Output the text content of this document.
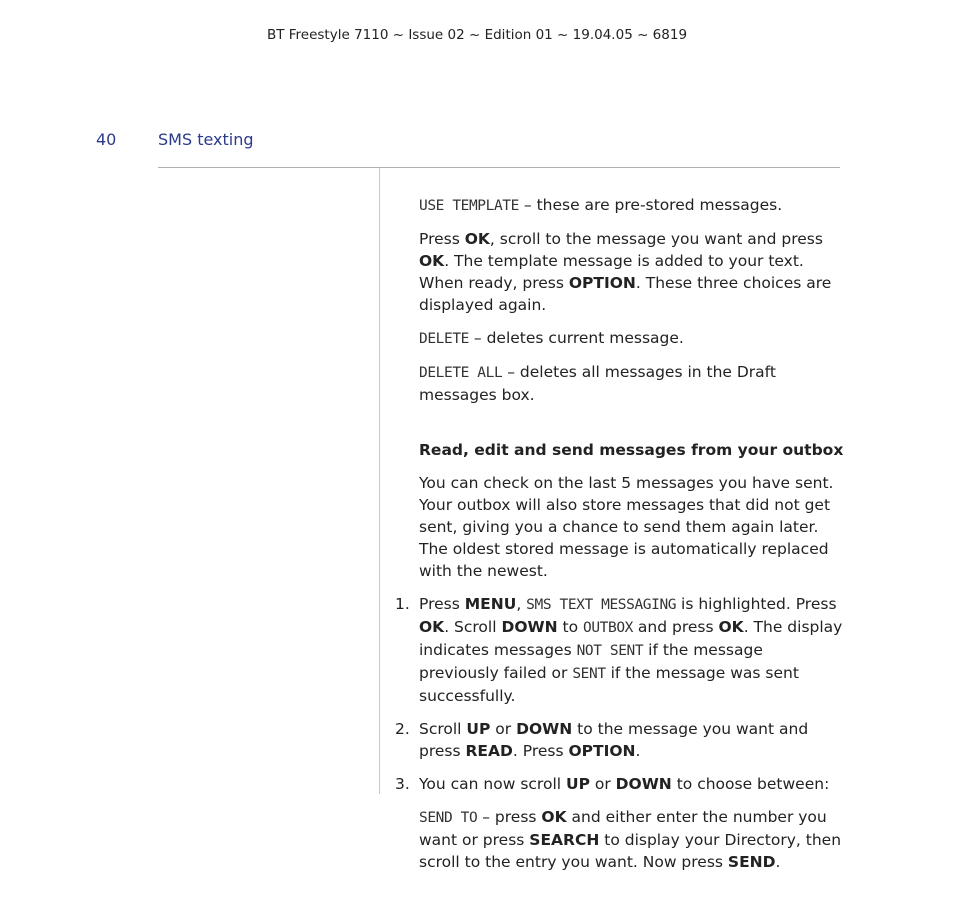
BT Freestyle 7110 ~ Issue 02 ~ Edition 01 ~ 19.04.05 ~ 6819
40	SMS texting

USE TEMPLATE – these are pre-stored messages.

Press OK, scroll to the message you want and press OK. The template message is added to your text. When ready, press OPTION. These three choices are displayed again.

DELETE – deletes current message.

DELETE ALL – deletes all messages in the Draft messages box.

Read, edit and send messages from your outbox

You can check on the last 5 messages you have sent. Your outbox will also store messages that did not get sent, giving you a chance to send them again later. The oldest stored message is automatically replaced with the newest.

1. Press MENU, SMS TEXT MESSAGING is highlighted. Press OK. Scroll DOWN to OUTBOX and press OK. The display indicates messages NOT SENT if the message previously failed or SENT if the message was sent successfully.
2. Scroll UP or DOWN to the message you want and press READ. Press OPTION.
3. You can now scroll UP or DOWN to choose between:

SEND TO – press OK and either enter the number you want or press SEARCH to display your Directory, then scroll to the entry you want. Now press SEND.
